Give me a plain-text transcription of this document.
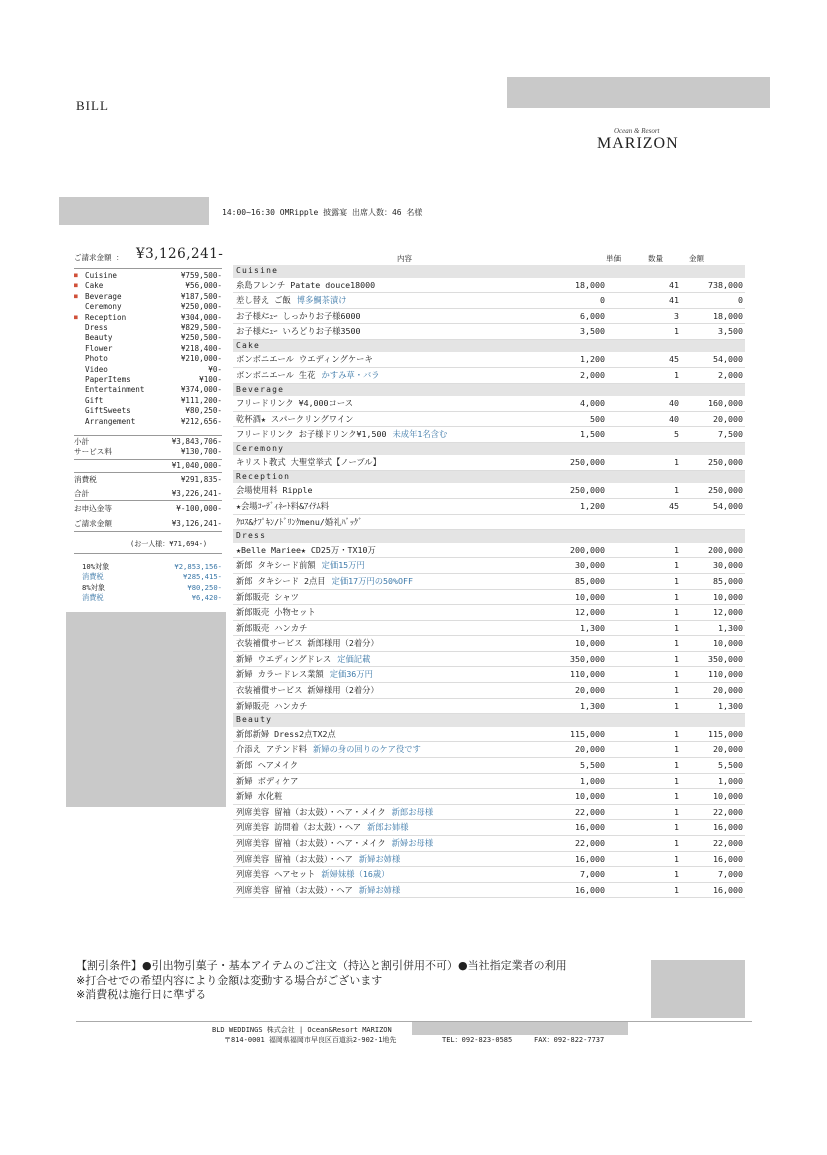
BILL
Ocean & Resort
MARIZON
14:00~16:30 OMRipple 披露宴 出席人数：46 名様
ご請求金額 ： ¥3,126,241-
■ Cuisine	¥759,500-
■ Cake	¥56,000-
■ Beverage	¥187,500-
Ceremony	¥250,000-
■ Reception	¥304,000-
Dress	¥829,500-
Beauty	¥250,500-
Flower	¥218,400-
Photo	¥210,000-
Video	¥0-
PaperItems	¥100-
Entertainment	¥374,000-
Gift	¥111,200-
GiftSweets	¥80,250-
Arrangement	¥212,656-
小計	¥3,843,706-
サービス料	¥130,700-
¥1,040,000-
消費税	¥291,835-
合計	¥3,226,241-
お申込金等	¥-100,000-
ご請求金額	¥3,126,241-
(お一人様：¥71,694-)
10%対象	¥2,853,156-
消費税	¥285,415-
8%対象	¥80,250-
消費税	¥6,420-
内容	単価	数量	金額
Cuisine
糸島フレンチ Patate douce18000	18,000	41	738,000
差し替え ご飯 博多鯛茶漬け	0	41	0
お子様ﾒﾆｭｰ しっかりお子様6000	6,000	3	18,000
お子様ﾒﾆｭｰ いろどりお子様3500	3,500	1	3,500
Cake
ボンボニエール ウエディングケーキ	1,200	45	54,000
ボンボニエール 生花 かすみ草・バラ	2,000	1	2,000
Beverage
フリードリンク ¥4,000コース	4,000	40	160,000
乾杯酒★ スパークリングワイン	500	40	20,000
フリードリンク お子様ドリンク¥1,500 未成年1名含む	1,500	5	7,500
Ceremony
キリスト教式 大聖堂挙式【ノーブル】	250,000	1	250,000
Reception
会場使用料 Ripple	250,000	1	250,000
★会場ｺｰﾃﾞｨﾈｰﾄ料&ｱｲﾃﾑ料	1,200	45	54,000
ｸﾛｽ&ﾅﾌﾟｷﾝ/ﾄﾞﾘﾝｸmenu/婚礼ﾊﾞｯｸﾞ
Dress
★Belle Mariee★ CD25万・TX10万	200,000	1	200,000
新郎 タキシード前額 定価15万円	30,000	1	30,000
新郎 タキシード 2点目 定価17万円の50%OFF	85,000	1	85,000
新郎販売 シャツ	10,000	1	10,000
新郎販売 小物セット	12,000	1	12,000
新郎販売 ハンカチ	1,300	1	1,300
衣装補償サービス 新郎様用（2着分）	10,000	1	10,000
新婦 ウエディングドレス 定価記載	350,000	1	350,000
新婦 カラードレス業額 定価36万円	110,000	1	110,000
衣装補償サービス 新婦様用（2着分）	20,000	1	20,000
新婦販売 ハンカチ	1,300	1	1,300
Beauty
新郎新婦 Dress2点TX2点	115,000	1	115,000
介添え アテンド料 新婦の身の回りのケア役です	20,000	1	20,000
新郎 ヘアメイク	5,500	1	5,500
新婦 ボディケア	1,000	1	1,000
新婦 水化粧	10,000	1	10,000
列席美容 留袖（お太鼓）・ヘア・メイク 新郎お母様	22,000	1	22,000
列席美容 訪問着（お太鼓）・ヘア 新郎お姉様	16,000	1	16,000
列席美容 留袖（お太鼓）・ヘア・メイク 新婦お母様	22,000	1	22,000
列席美容 留袖（お太鼓）・ヘア 新婦お姉様	16,000	1	16,000
列席美容 ヘアセット 新婦妹様（16歳）	7,000	1	7,000
列席美容 留袖（お太鼓）・ヘア 新婦お姉様	16,000	1	16,000
【割引条件】●引出物引菓子・基本アイテムのご注文（持込と割引併用不可）●当社指定業者の利用
※打合せでの希望内容により金額は変動する場合がございます
※消費税は施行日に準ずる
BLD WEDDINGS 株式会社 | Ocean&Resort MARIZON
〒814-0001 福岡県福岡市早良区百道浜2-902-1地先	TEL：092-823-0585	FAX：092-822-7737
